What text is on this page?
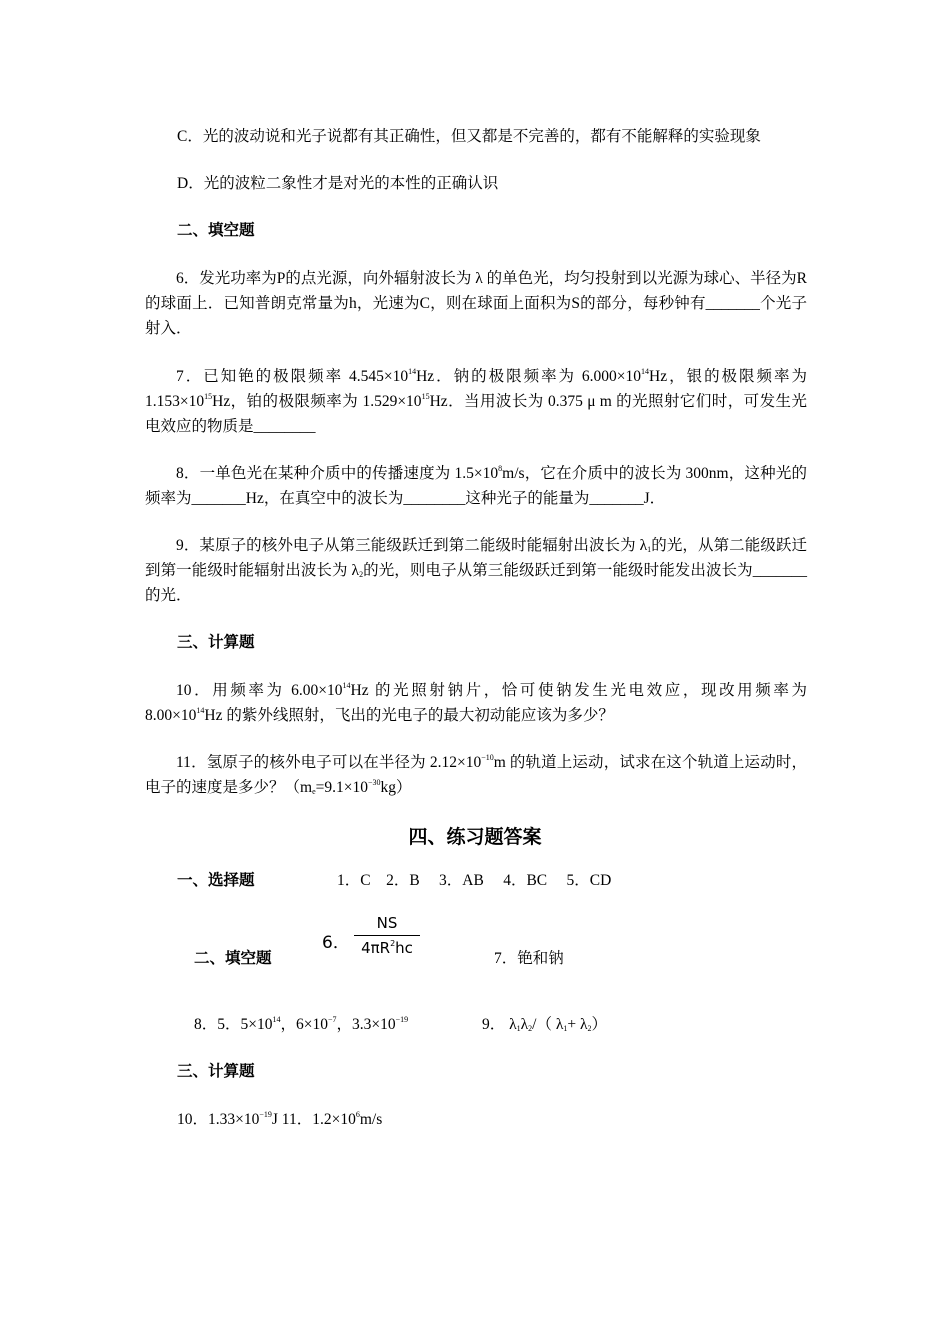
C．光的波动说和光子说都有其正确性，但又都是不完善的，都有不能解释的实验现象
D．光的波粒二象性才是对光的本性的正确认识
二、填空题
6．发光功率为P的点光源，向外辐射波长为 λ 的单色光，均匀投射到以光源为球心、半径为R的球面上．已知普朗克常量为h，光速为C，则在球面上面积为S的部分，每秒钟有_______个光子射入．
7．已知铯的极限频率 $4.545\times 10^{14}Hz$．钠的极限频率为 $6.000\times 10^{14}Hz$，银的极限频率为 $1.153\times 10^{15}Hz$，铂的极限频率为 $1.529\times 10^{15}Hz$．当用波长为 0.375 μ m 的光照射它们时，可发生光电效应的物质是________
8．一单色光在某种介质中的传播速度为 $1.5\times 10^8m/s$，它在介质中的波长为 300nm，这种光的频率为_______Hz，在真空中的波长为________这种光子的能量为_______J．
9．某原子的核外电子从第三能级跃迁到第二能级时能辐射出波长为 $\lambda_1$的光，从第二能级跃迁到第一能级时能辐射出波长为 $\lambda_2$的光，则电子从第三能级跃迁到第一能级时能发出波长为_______的光．
三、计算题
10．用频率为 $6.00\times 10^{14}Hz$ 的光照射钠片，恰可使钠发生光电效应，现改用频率为 $8.00\times 10^{14}Hz$ 的紫外线照射，飞出的光电子的最大初动能应该为多少？
11．氢原子的核外电子可以在半径为 $2.12\times 10^{-10}m$ 的轨道上运动，试求在这个轨道上运动时，电子的速度是多少？$(m_e=9.1\times 10^{-30}kg)$
四、练习题答案
一、选择题	1．C　2．B　 3．AB　 4．BC　 5．CD
二、填空题
6．
NS
$4\pi R^2hc$
7．铯和钠
8．5．$5\times 10^{14}$，$6\times 10^{-7}$，$3.3\times 10^{-19}$	9． $\lambda_1\lambda_2/$（ $\lambda_1+ \lambda_2$）
三、计算题
10．$1.33\times 10^{-19}J$ 11．$1.2\times 10^6m/s$
